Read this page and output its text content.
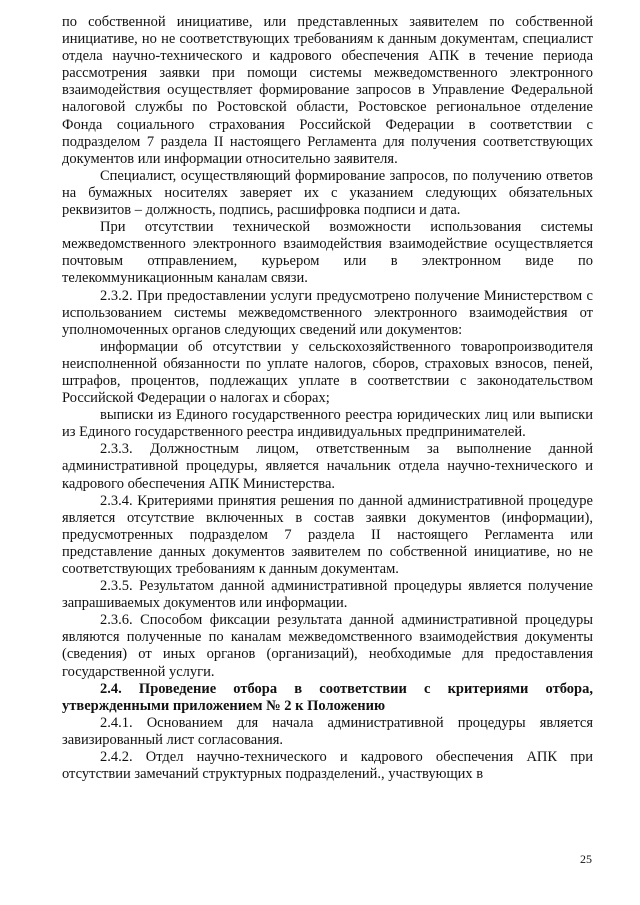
по собственной инициативе, или представленных заявителем по собственной инициативе, но не соответствующих требованиям к данным документам, специалист отдела научно-технического и кадрового обеспечения АПК в течение периода рассмотрения заявки при помощи системы межведомственного электронного взаимодействия осуществляет формирование запросов в Управление Федеральной налоговой службы по Ростовской области, Ростовское региональное отделение Фонда социального страхования Российской Федерации в соответствии с подразделом 7 раздела II настоящего Регламента для получения соответствующих документов или информации относительно заявителя.

Специалист, осуществляющий формирование запросов, по получению ответов на бумажных носителях заверяет их с указанием следующих обязательных реквизитов – должность, подпись, расшифровка подписи и дата.

При отсутствии технической возможности использования системы межведомственного электронного взаимодействия взаимодействие осуществляется почтовым отправлением, курьером или в электронном виде по телекоммуникационным каналам связи.

2.3.2. При предоставлении услуги предусмотрено получение Министерством с использованием системы межведомственного электронного взаимодействия от уполномоченных органов следующих сведений или документов:

информации об отсутствии у сельскохозяйственного товаропроизводителя неисполненной обязанности по уплате налогов, сборов, страховых взносов, пеней, штрафов, процентов, подлежащих уплате в соответствии с законодательством Российской Федерации о налогах и сборах;

выписки из Единого государственного реестра юридических лиц или выписки из Единого государственного реестра индивидуальных предпринимателей.

2.3.3. Должностным лицом, ответственным за выполнение данной административной процедуры, является начальник отдела научно-технического и кадрового обеспечения АПК Министерства.

2.3.4. Критериями принятия решения по данной административной процедуре является отсутствие включенных в состав заявки документов (информации), предусмотренных подразделом 7 раздела II настоящего Регламента или представление данных документов заявителем по собственной инициативе, но не соответствующих требованиям к данным документам.

2.3.5. Результатом данной административной процедуры является получение запрашиваемых документов или информации.

2.3.6. Способом фиксации результата данной административной процедуры являются полученные по каналам межведомственного взаимодействия документы (сведения) от иных органов (организаций), необходимые для предоставления государственной услуги.

2.4. Проведение отбора в соответствии с критериями отбора, утвержденными приложением № 2 к Положению

2.4.1. Основанием для начала административной процедуры является завизированный лист согласования.

2.4.2. Отдел научно-технического и кадрового обеспечения АПК при отсутствии замечаний структурных подразделений., участвующих в

25
